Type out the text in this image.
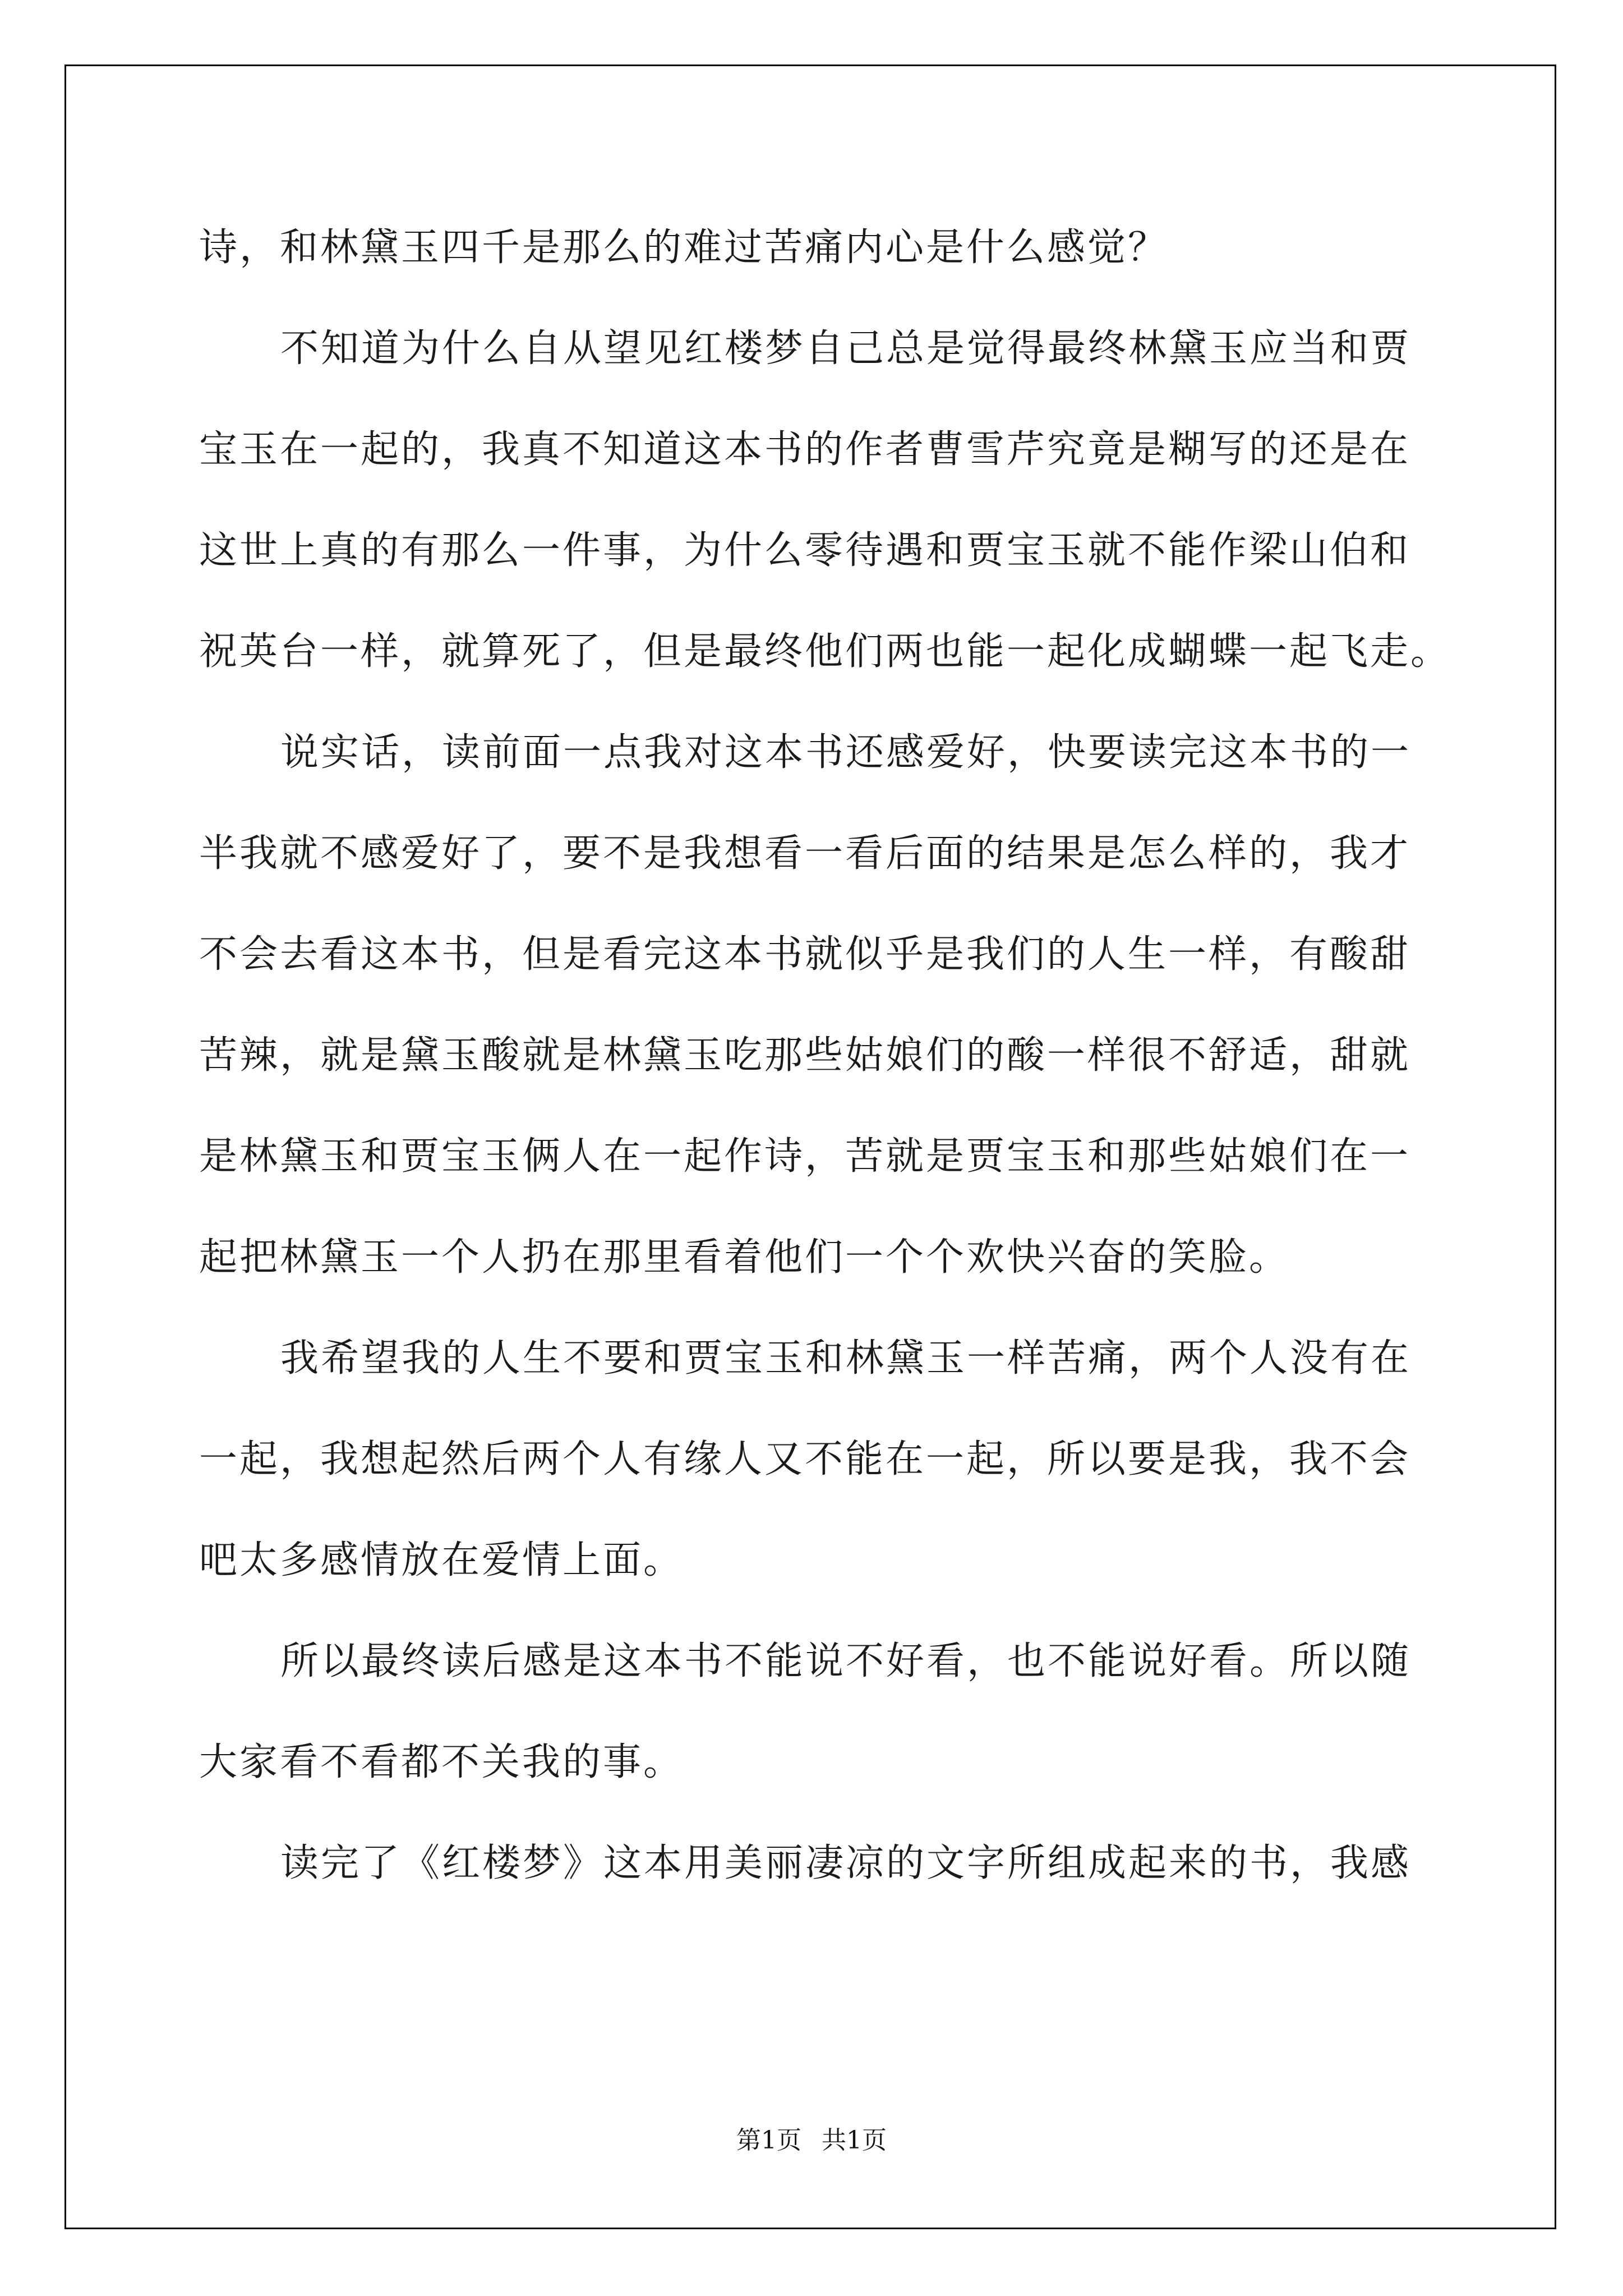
诗，和林黛玉四千是那么的难过苦痛内心是什么感觉？
不知道为什么自从望见红楼梦自己总是觉得最终林黛玉应当和贾
宝玉在一起的，我真不知道这本书的作者曹雪芹究竟是糊写的还是在
这世上真的有那么一件事，为什么零待遇和贾宝玉就不能作梁山伯和
祝英台一样，就算死了，但是最终他们两也能一起化成蝴蝶一起飞走。
说实话，读前面一点我对这本书还感爱好，快要读完这本书的一
半我就不感爱好了，要不是我想看一看后面的结果是怎么样的，我才
不会去看这本书，但是看完这本书就似乎是我们的人生一样，有酸甜
苦辣，就是黛玉酸就是林黛玉吃那些姑娘们的酸一样很不舒适，甜就
是林黛玉和贾宝玉俩人在一起作诗，苦就是贾宝玉和那些姑娘们在一
起把林黛玉一个人扔在那里看着他们一个个欢快兴奋的笑脸。
我希望我的人生不要和贾宝玉和林黛玉一样苦痛，两个人没有在
一起，我想起然后两个人有缘人又不能在一起，所以要是我，我不会
吧太多感情放在爱情上面。
所以最终读后感是这本书不能说不好看，也不能说好看。所以随
大家看不看都不关我的事。
读完了《红楼梦》这本用美丽凄凉的文字所组成起来的书，我感
第1页 共1页
